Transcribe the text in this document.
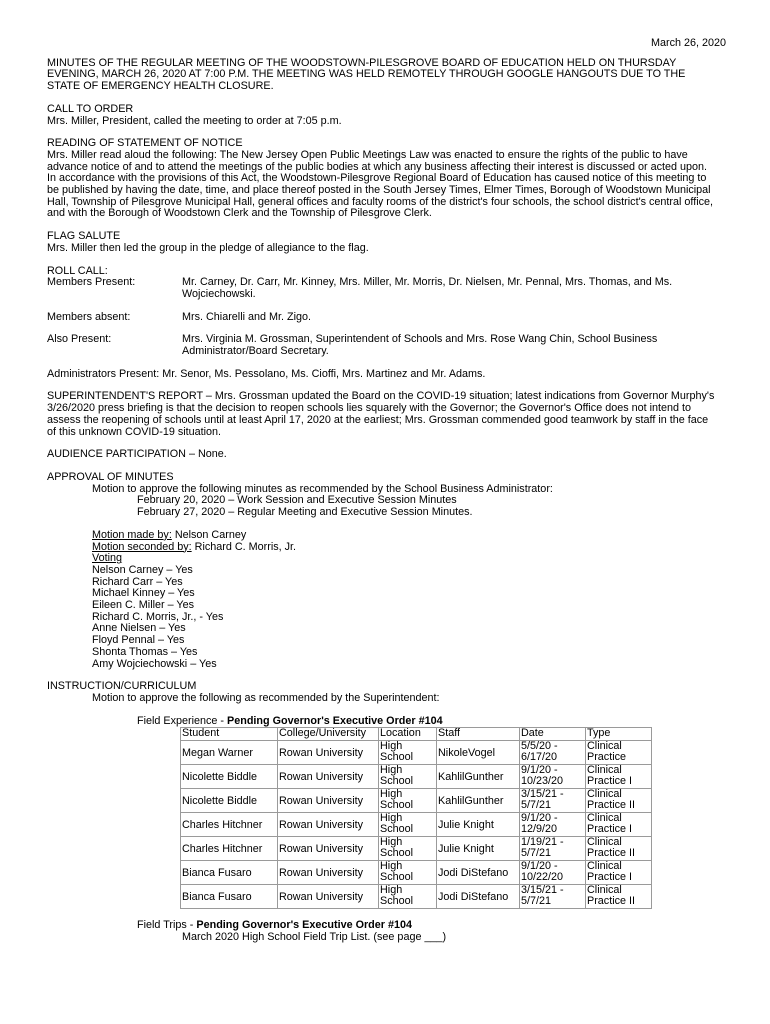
March 26, 2020
MINUTES OF THE REGULAR MEETING OF THE WOODSTOWN-PILESGROVE BOARD OF EDUCATION HELD ON THURSDAY EVENING, MARCH 26, 2020 AT 7:00 P.M. THE MEETING WAS HELD REMOTELY THROUGH GOOGLE HANGOUTS DUE TO THE STATE OF EMERGENCY HEALTH CLOSURE.
CALL TO ORDER
Mrs. Miller, President, called the meeting to order at 7:05 p.m.
READING OF STATEMENT OF NOTICE
Mrs. Miller read aloud the following: The New Jersey Open Public Meetings Law was enacted to ensure the rights of the public to have advance notice of and to attend the meetings of the public bodies at which any business affecting their interest is discussed or acted upon. In accordance with the provisions of this Act, the Woodstown-Pilesgrove Regional Board of Education has caused notice of this meeting to be published by having the date, time, and place thereof posted in the South Jersey Times, Elmer Times, Borough of Woodstown Municipal Hall, Township of Pilesgrove Municipal Hall, general offices and faculty rooms of the district's four schools, the school district's central office, and with the Borough of Woodstown Clerk and the Township of Pilesgrove Clerk.
FLAG SALUTE
Mrs. Miller then led the group in the pledge of allegiance to the flag.
ROLL CALL:
Members Present:	Mr. Carney, Dr. Carr, Mr. Kinney, Mrs. Miller, Mr. Morris, Dr. Nielsen, Mr. Pennal, Mrs. Thomas, and Ms. Wojciechowski.
Members absent:	Mrs. Chiarelli and Mr. Zigo.
Also Present:	Mrs. Virginia M. Grossman, Superintendent of Schools and Mrs. Rose Wang Chin, School Business Administrator/Board Secretary.
Administrators Present: Mr. Senor, Ms. Pessolano, Ms. Cioffi, Mrs. Martinez and Mr. Adams.
SUPERINTENDENT'S REPORT – Mrs. Grossman updated the Board on the COVID-19 situation; latest indications from Governor Murphy's 3/26/2020 press briefing is that the decision to reopen schools lies squarely with the Governor; the Governor's Office does not intend to assess the reopening of schools until at least April 17, 2020 at the earliest; Mrs. Grossman commended good teamwork by staff in the face of this unknown COVID-19 situation.
AUDIENCE PARTICIPATION – None.
APPROVAL OF MINUTES
Motion to approve the following minutes as recommended by the School Business Administrator:
February 20, 2020 – Work Session and Executive Session Minutes
February 27, 2020 – Regular Meeting and Executive Session Minutes.
Motion made by: Nelson Carney
Motion seconded by: Richard C. Morris, Jr.
Voting
Nelson Carney – Yes
Richard Carr – Yes
Michael Kinney – Yes
Eileen C. Miller – Yes
Richard C. Morris, Jr., - Yes
Anne Nielsen – Yes
Floyd Pennal – Yes
Shonta Thomas – Yes
Amy Wojciechowski – Yes
INSTRUCTION/CURRICULUM
Motion to approve the following as recommended by the Superintendent:
Field Experience - Pending Governor's Executive Order #104
Student	College/University	Location	Staff	Date	Type
Megan Warner	Rowan University	High School	NikoleVogel	5/5/20 - 6/17/20	Clinical Practice
Nicolette Biddle	Rowan University	High School	KahlilGunther	9/1/20 - 10/23/20	Clinical Practice I
Nicolette Biddle	Rowan University	High School	KahlilGunther	3/15/21 - 5/7/21	Clinical Practice II
Charles Hitchner	Rowan University	High School	Julie Knight	9/1/20 - 12/9/20	Clinical Practice I
Charles Hitchner	Rowan University	High School	Julie Knight	1/19/21 - 5/7/21	Clinical Practice II
Bianca Fusaro	Rowan University	High School	Jodi DiStefano	9/1/20 - 10/22/20	Clinical Practice I
Bianca Fusaro	Rowan University	High School	Jodi DiStefano	3/15/21 - 5/7/21	Clinical Practice II
Field Trips - Pending Governor's Executive Order #104
March 2020 High School Field Trip List. (see page ___)
